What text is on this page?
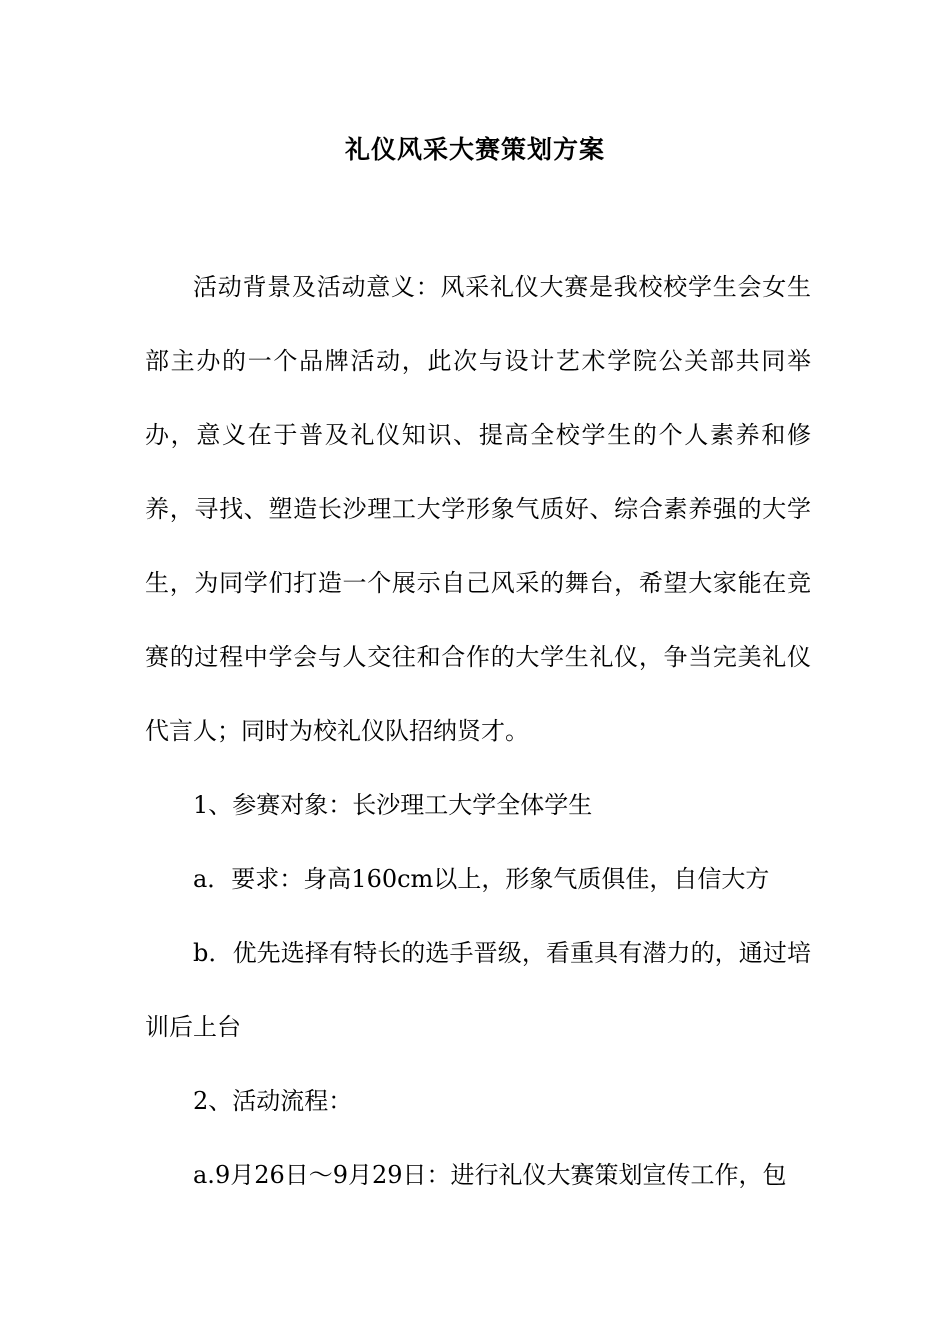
礼仪风采大赛策划方案

活动背景及活动意义：风采礼仪大赛是我校校学生会女生部主办的一个品牌活动，此次与设计艺术学院公关部共同举办，意义在于普及礼仪知识、提高全校学生的个人素养和修养，寻找、塑造长沙理工大学形象气质好、综合素养强的大学生，为同学们打造一个展示自己风采的舞台，希望大家能在竞赛的过程中学会与人交往和合作的大学生礼仪，争当完美礼仪代言人；同时为校礼仪队招纳贤才。

1、参赛对象：长沙理工大学全体学生

a．要求：身高160cm以上，形象气质俱佳，自信大方

b．优先选择有特长的选手晋级，看重具有潜力的，通过培训后上台

2、活动流程：

a.9月26日～9月29日：进行礼仪大赛策划宣传工作，包
